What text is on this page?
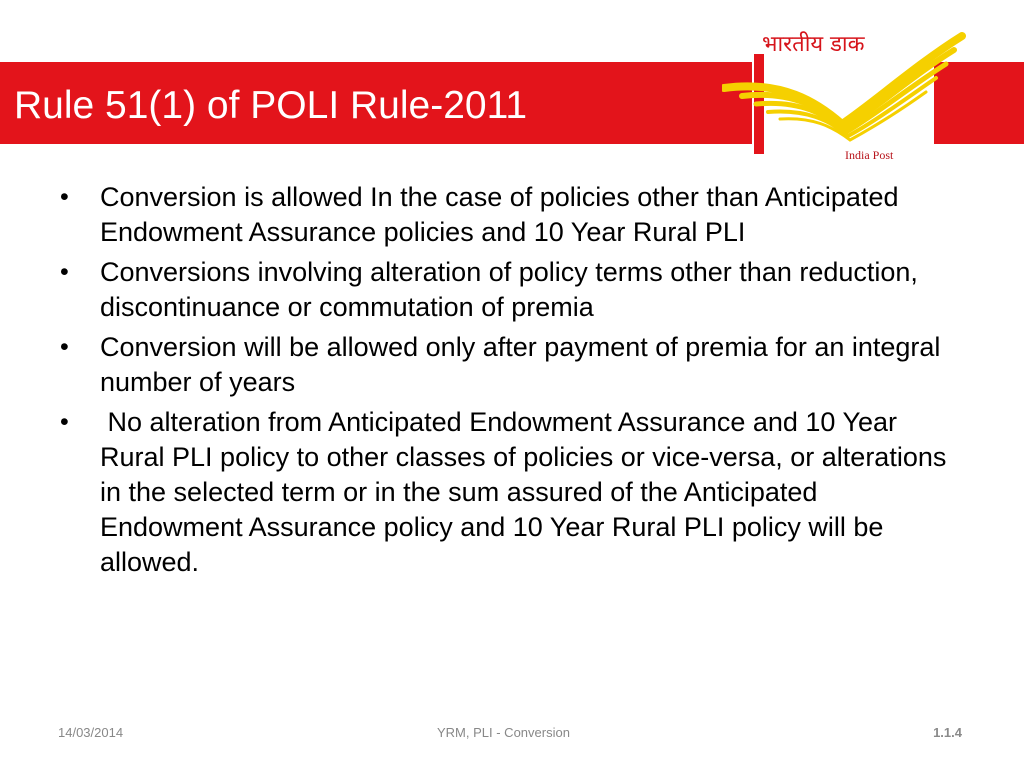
Rule 51(1) of POLI Rule-2011
भारतीय डाक
India Post
• Conversion is allowed In the case of policies other than Anticipated Endowment Assurance policies and 10 Year Rural PLI
• Conversions involving alteration of policy terms other than reduction, discontinuance or commutation of premia
• Conversion will be allowed only after payment of premia for an integral number of years
• No alteration from Anticipated Endowment Assurance and 10 Year Rural PLI policy to other classes of policies or vice-versa, or alterations in the selected term or in the sum assured of the Anticipated Endowment Assurance policy and 10 Year Rural PLI policy will be allowed.
14/03/2014	YRM, PLI - Conversion	1.1.4
